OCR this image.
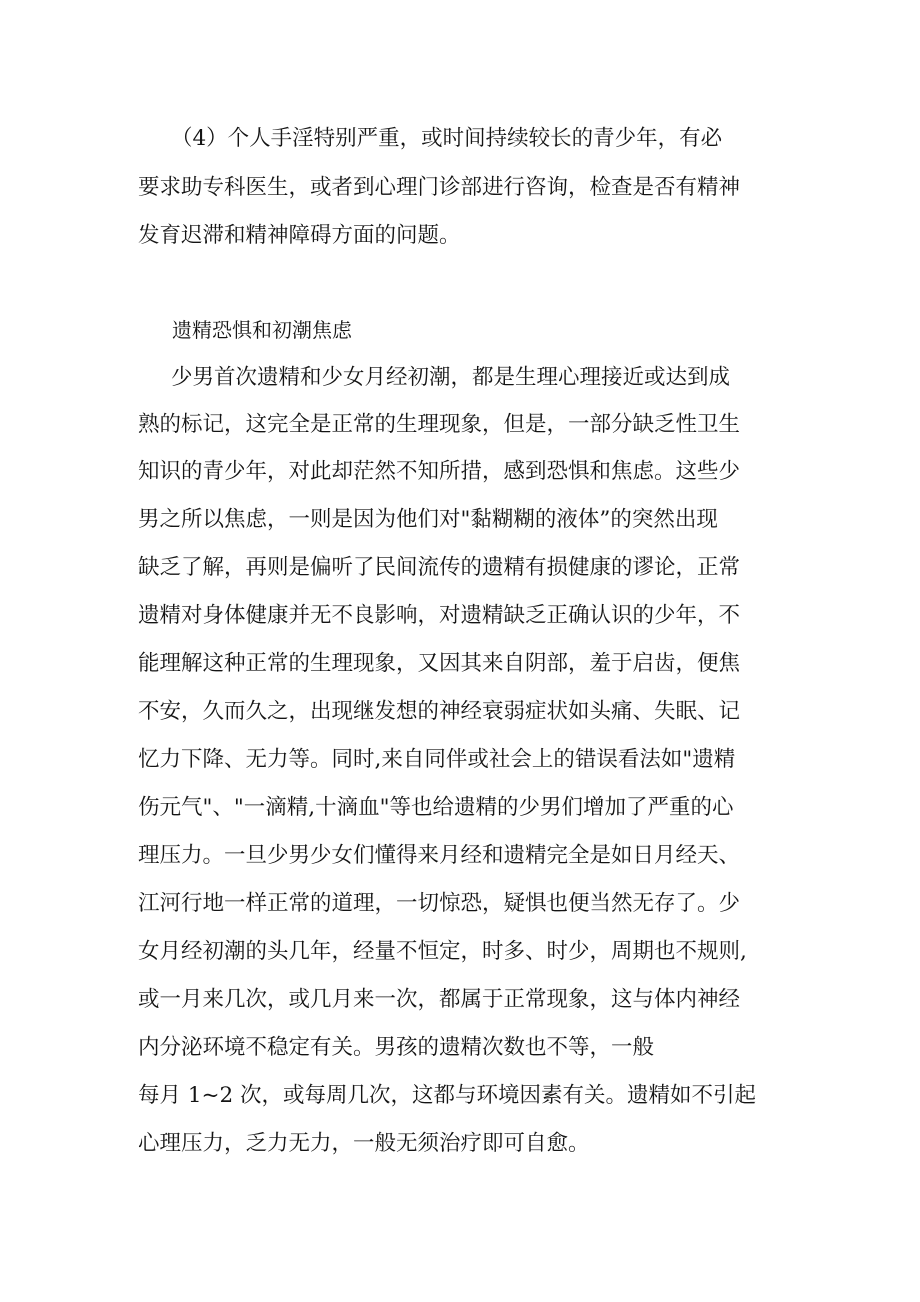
（4）个人手淫特别严重，或时间持续较长的青少年，有必

要求助专科医生，或者到心理门诊部进行咨询，检查是否有精神

发育迟滞和精神障碍方面的问题。

遗精恐惧和初潮焦虑

少男首次遗精和少女月经初潮，都是生理心理接近或达到成

熟的标记，这完全是正常的生理现象，但是，一部分缺乏性卫生

知识的青少年，对此却茫然不知所措，感到恐惧和焦虑。这些少

男之所以焦虑，一则是因为他们对"黏糊糊的液体”的突然出现

缺乏了解，再则是偏听了民间流传的遗精有损健康的谬论，正常

遗精对身体健康并无不良影响，对遗精缺乏正确认识的少年，不

能理解这种正常的生理现象，又因其来自阴部，羞于启齿，便焦

不安，久而久之，出现继发想的神经衰弱症状如头痛、失眠、记

忆力下降、无力等。同时,来自同伴或社会上的错误看法如"遗精

伤元气"、"一滴精,十滴血"等也给遗精的少男们增加了严重的心

理压力。一旦少男少女们懂得来月经和遗精完全是如日月经天、

江河行地一样正常的道理，一切惊恐，疑惧也便当然无存了。少

女月经初潮的头几年，经量不恒定，时多、时少，周期也不规则,

或一月来几次，或几月来一次，都属于正常现象，这与体内神经

内分泌环境不稳定有关。男孩的遗精次数也不等，一般

每月 1~2 次，或每周几次，这都与环境因素有关。遗精如不引起

心理压力，乏力无力，一般无须治疗即可自愈。
